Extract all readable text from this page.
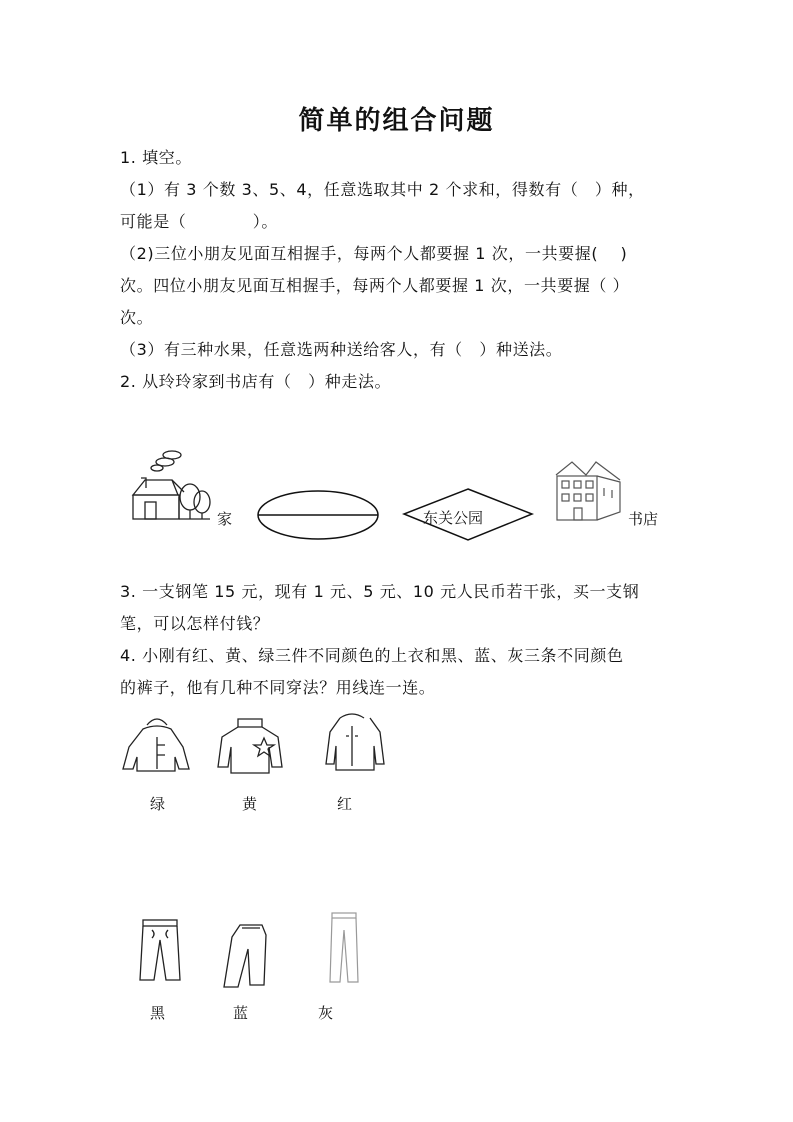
简单的组合问题
1. 填空。
（1）有 3 个数 3、5、4，任意选取其中 2 个求和，得数有（　）种，
可能是（　　　　）。
（2)三位小朋友见面互相握手，每两个人都要握 1 次，一共要握(　 )
次。四位小朋友见面互相握手，每两个人都要握 1 次，一共要握（ ）
次。
（3）有三种水果，任意选两种送给客人，有（　）种送法。
2. 从玲玲家到书店有（　）种走法。
家	东关公园	书店
3. 一支钢笔 15 元，现有 1 元、5 元、10 元人民币若干张，买一支钢
笔，可以怎样付钱？
4. 小刚有红、黄、绿三件不同颜色的上衣和黑、蓝、灰三条不同颜色
的裤子，他有几种不同穿法？用线连一连。
绿	黄	红
黑	蓝	灰
